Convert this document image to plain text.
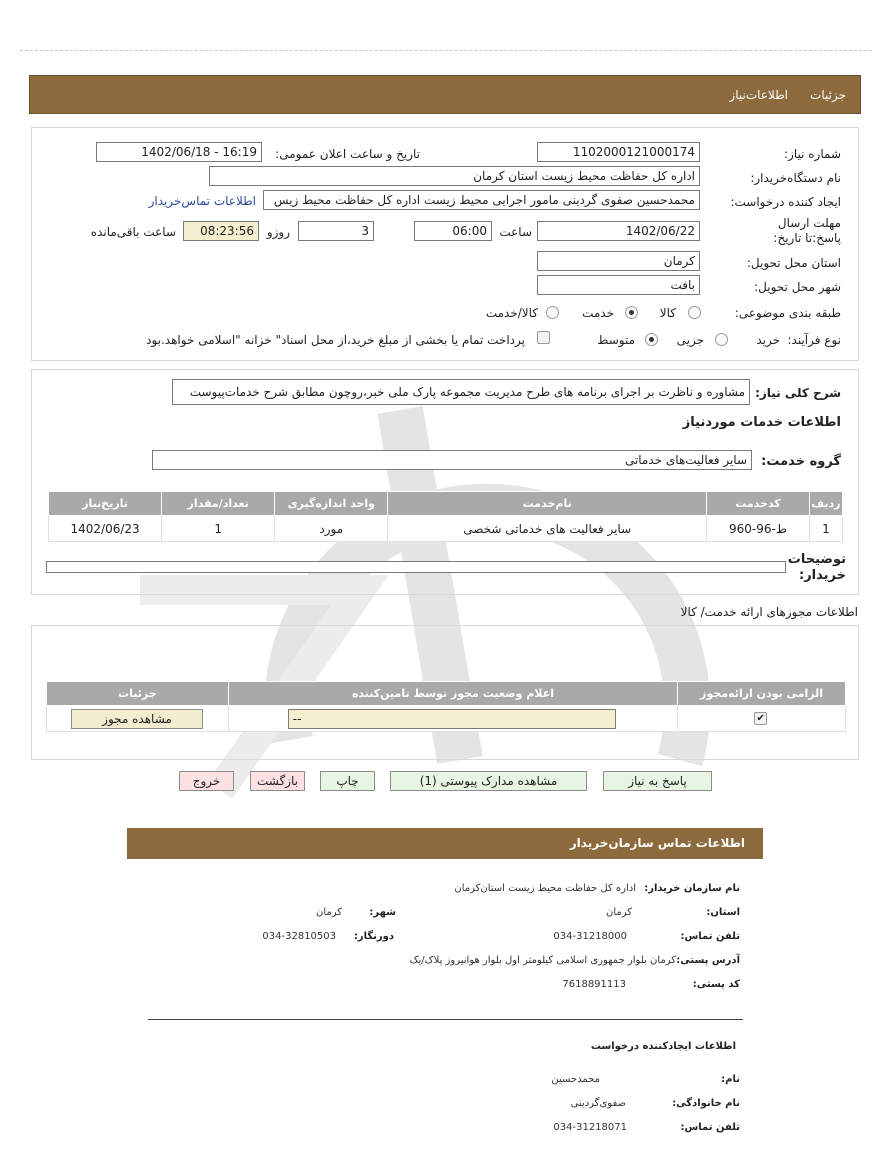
جزئیات
اطلاعات‌نیاز
شماره نیاز:
1102000121000174
تاریخ و ساعت اعلان عمومی:
1402/06/18 - 16:19
نام دستگاه‌خریدار:
اداره کل حفاظت محیط زیست استان کرمان
ایجاد کننده درخواست:
محمدحسین صفوی گردینی مامور اجرایی محیط زیست اداره کل حفاظت محیط زیس
اطلاعات تماس‌خریدار
مهلت ارسال پاسخ:تا تاریخ:
1402/06/22
ساعت
06:00
3
روزو
08:23:56
ساعت باقی‌مانده
استان محل تحویل:
کرمان
شهر محل تحویل:
بافت
طبقه بندی موضوعی:
کالا
خدمت
کالا/خدمت
نوع فرآیند:
خرید
جزیی
متوسط
پرداخت تمام یا بخشی از مبلغ خرید،از محل اسناد" خزانه "اسلامی خواهد.بود
شرح کلی نیاز:
مشاوره و ناظرت بر اجرای برنامه های طرح مدیریت مجموعه پارک ملی خبر،روچون مطابق شرح خدمات‌پیوست
اطلاعات خدمات موردنیاز
گروه خدمت:
سایر فعالیت‌های خدماتی
ردیف	کدخدمت	نام‌خدمت	واحد اندازه‌گیری	تعداد/مقدار	تاریخ‌نیاز
1	ط-96-960	سایر فعالیت های خدماتی شخصی	مورد	1	1402/06/23
توضیحات خریدار:
اطلاعات مجوزهای ارائه خدمت/ کالا
الزامی بودن ارائه‌مجوز	اعلام وضعیت مجوز توسط تامین‌کننده	جزئیات

✔	--	مشاهده مجوز
پاسخ به نیاز
مشاهده مدارک پیوستی (1)
چاپ
بازگشت
خروج
اطلاعات تماس سازمان‌خریدار
نام سازمان خریدار:
اداره کل حفاظت محیط زیست استان‌کرمان
استان:
کرمان
شهر:
کرمان
تلفن تماس:
034-31218000
دورنگار:
034-32810503
آدرس پستی:
کرمان بلوار جمهوری اسلامی کیلومتر اول بلوار هوانیروز پلاک/یک
کد پستی:
7618891113
اطلاعات ایجادکننده درخواست
نام:
محمدحسین
نام خانوادگی:
صفوی‌گردینی
تلفن تماس:
034-31218071
